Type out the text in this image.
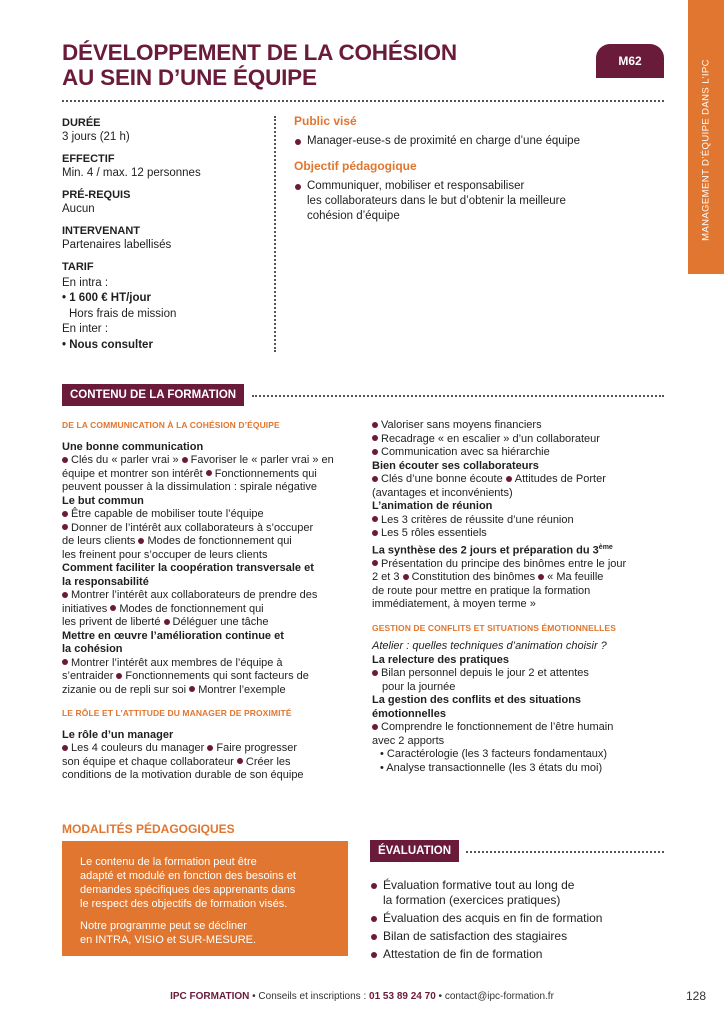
MANAGEMENT D’ÉQUIPE DANS L’IPC
DÉVELOPPEMENT DE LA COHÉSION
AU SEIN D’UNE ÉQUIPE
M62
DURÉE
3 jours (21 h)
EFFECTIF
Min. 4 / max. 12 personnes
PRÉ-REQUIS
Aucun
INTERVENANT
Partenaires labellisés
TARIF
En intra :
• 1 600 € HT/jour
Hors frais de mission
En inter :
• Nous consulter
Public visé
Manager-euse-s de proximité en charge d’une équipe
Objectif pédagogique
Communiquer, mobiliser et responsabiliser
les collaborateurs dans le but d’obtenir la meilleure
cohésion d’équipe
CONTENU DE LA FORMATION
DE LA COMMUNICATION À LA COHÉSION D’ÉQUIPE

Une bonne communication

Clés du « parler vrai » Favoriser le « parler vrai » en

équipe et montrer son intérêt Fonctionnements qui

peuvent pousser à la dissimulation : spirale négative

Le but commun

Être capable de mobiliser toute l’équipe

Donner de l’intérêt aux collaborateurs à s’occuper

de leurs clients Modes de fonctionnement qui

les freinent pour s’occuper de leurs clients

Comment faciliter la coopération transversale et
la responsabilité

Montrer l’intérêt aux collaborateurs de prendre des

initiatives Modes de fonctionnement qui

les privent de liberté Déléguer une tâche

Mettre en œuvre l’amélioration continue et
la cohésion

Montrer l’intérêt aux membres de l’équipe à

s’entraider Fonctionnements qui sont facteurs de

zizanie ou de repli sur soi Montrer l’exemple

LE RÔLE ET L’ATTITUDE DU MANAGER DE PROXIMITÉ

Le rôle d’un manager

Les 4 couleurs du manager Faire progresser

son équipe et chaque collaborateur Créer les

conditions de la motivation durable de son équipe

Valoriser sans moyens financiers

Recadrage « en escalier » d’un collaborateur

Communication avec sa hiérarchie

Bien écouter ses collaborateurs

Clés d’une bonne écoute Attitudes de Porter

(avantages et inconvénients)

L’animation de réunion

Les 3 critères de réussite d’une réunion

Les 5 rôles essentiels

La synthèse des 2 jours et préparation du 3ème

Présentation du principe des binômes entre le jour

2 et 3 Constitution des binômes « Ma feuille

de route pour mettre en pratique la formation

immédiatement, à moyen terme »

GESTION DE CONFLITS ET SITUATIONS ÉMOTIONNELLES

Atelier : quelles techniques d’animation choisir ?

La relecture des pratiques

Bilan personnel depuis le jour 2 et attentes

pour la journée

La gestion des conflits et des situations
émotionnelles

Comprendre le fonctionnement de l’être humain

avec 2 apports

• Caractérologie (les 3 facteurs fondamentaux)

• Analyse transactionnelle (les 3 états du moi)

MODALITÉS PÉDAGOGIQUES

Le contenu de la formation peut être
adapté et modulé en fonction des besoins et
demandes spécifiques des apprenants dans
le respect des objectifs de formation visés.

Notre programme peut se décliner
en INTRA, VISIO et SUR-MESURE.

ÉVALUATION
Évaluation formative tout au long de
la formation (exercices pratiques)
Évaluation des acquis en fin de formation
Bilan de satisfaction des stagiaires
Attestation de fin de formation
IPC FORMATION • Conseils et inscriptions : 01 53 89 24 70 • contact@ipc-formation.fr	128
